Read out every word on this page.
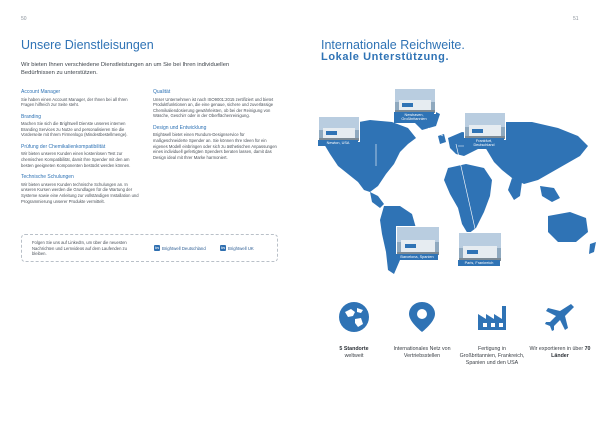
50
Unsere Dienstleisungen
Wir bieten Ihnen verschiedene Dienstleistungen an um Sie bei Ihren individuellen Bedürfnissen zu unterstützen.
Account Manager
Sie haben einen Account Manager, der Ihnen bei all Ihren Fragen hilfreich zur Seite steht.
Branding
Machen Sie sich die Brightwell Dienste unseres internen Branding Services zu Nutze und personalisieren Sie die Vorderseite mit Ihrem Firmenlogo (Mindestbestellmenge).
Prüfung der Chemikalienkompatibilität
Wir bieten unseren Kunden einen kostenlosen Test zur chemischen Kompatibilität, damit Ihre Spender mit den am besten geeigneten Komponenten bestückt werden können.
Technische Schulungen
Wir bieten unseren Kunden technische Schulungen an. In unseren Kursen werden die Grundlagen für die Wartung der Systeme sowie eine Anleitung zur vollständigen Installation und Programmierung unserer Produkte vermittelt.
Qualität
Unser Unternehmen ist nach ISO9001:2015 zertifiziert und bietet Produktfunktionen an, die eine genaue, sichere und zuverlässige Chemikaliendosierung gewährleisten, ob bei der Reinigung von Wäsche, Geschirr oder in der Oberflächenreinigung.
Design und Entwicklung
Brightwell bietet einen Rundum-Designservice für maßgeschneiderte Spender an. Sie können Ihre Ideen für ein eigenes Modell einbringen oder sich zu ästhetischen Anpassungen eines individuell gefertigten Spenders beraten lassen, damit das Design ideal mit Ihrer Marke harmoniert.
Folgen Sie uns auf LinkedIn, um über die neuesten Nachrichten und Lernvideos auf dem Laufenden zu bleiben.
in Brightwell Deutschland	in Brightwell UK
51
Internationale Reichweite.
Lokale Unterstützung.
Newton, USA
Newhaven, Großbritannien
Frankfurt, Deutschland
Barcelona, Spanien
Paris, Frankreich
5 Standorte
weltweit
Internationales Netz von Vertriebsstellen
Fertigung in Großbritannien, Frankreich, Spanien und den USA
Wir exportieren in über 70 Länder
